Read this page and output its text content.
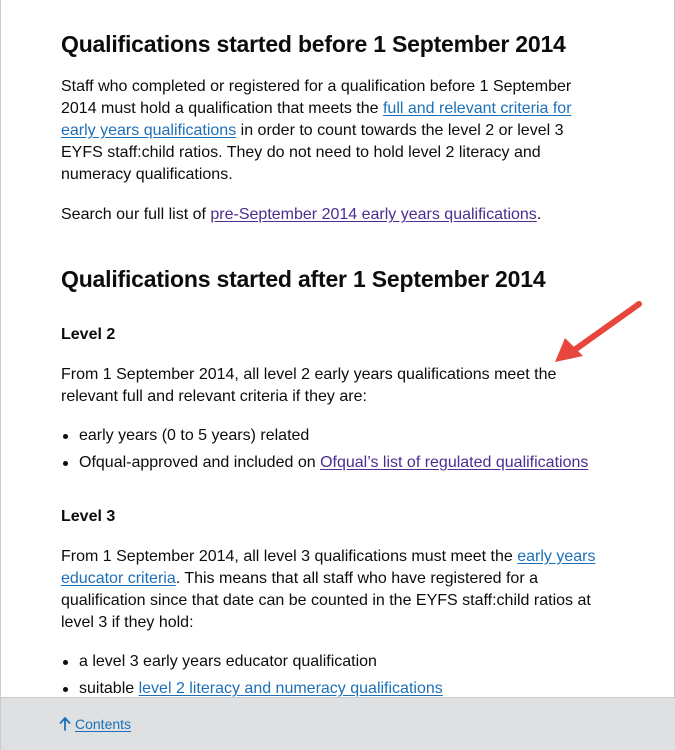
Qualifications started before 1 September 2014

Staff who completed or registered for a qualification before 1 September 2014 must hold a qualification that meets the full and relevant criteria for early years qualifications in order to count towards the level 2 or level 3 EYFS staff:child ratios. They do not need to hold level 2 literacy and numeracy qualifications.

Search our full list of pre-September 2014 early years qualifications.

Qualifications started after 1 September 2014
Level 2

From 1 September 2014, all level 2 early years qualifications meet the relevant full and relevant criteria if they are:

early years (0 to 5 years) related
Ofqual-approved and included on Ofqual’s list of regulated qualifications
Level 3

From 1 September 2014, all level 3 qualifications must meet the early years educator criteria. This means that all staff who have registered for a qualification since that date can be counted in the EYFS staff:child ratios at level 3 if they hold:

a level 3 early years educator qualification
suitable level 2 literacy and numeracy qualifications
Contents
